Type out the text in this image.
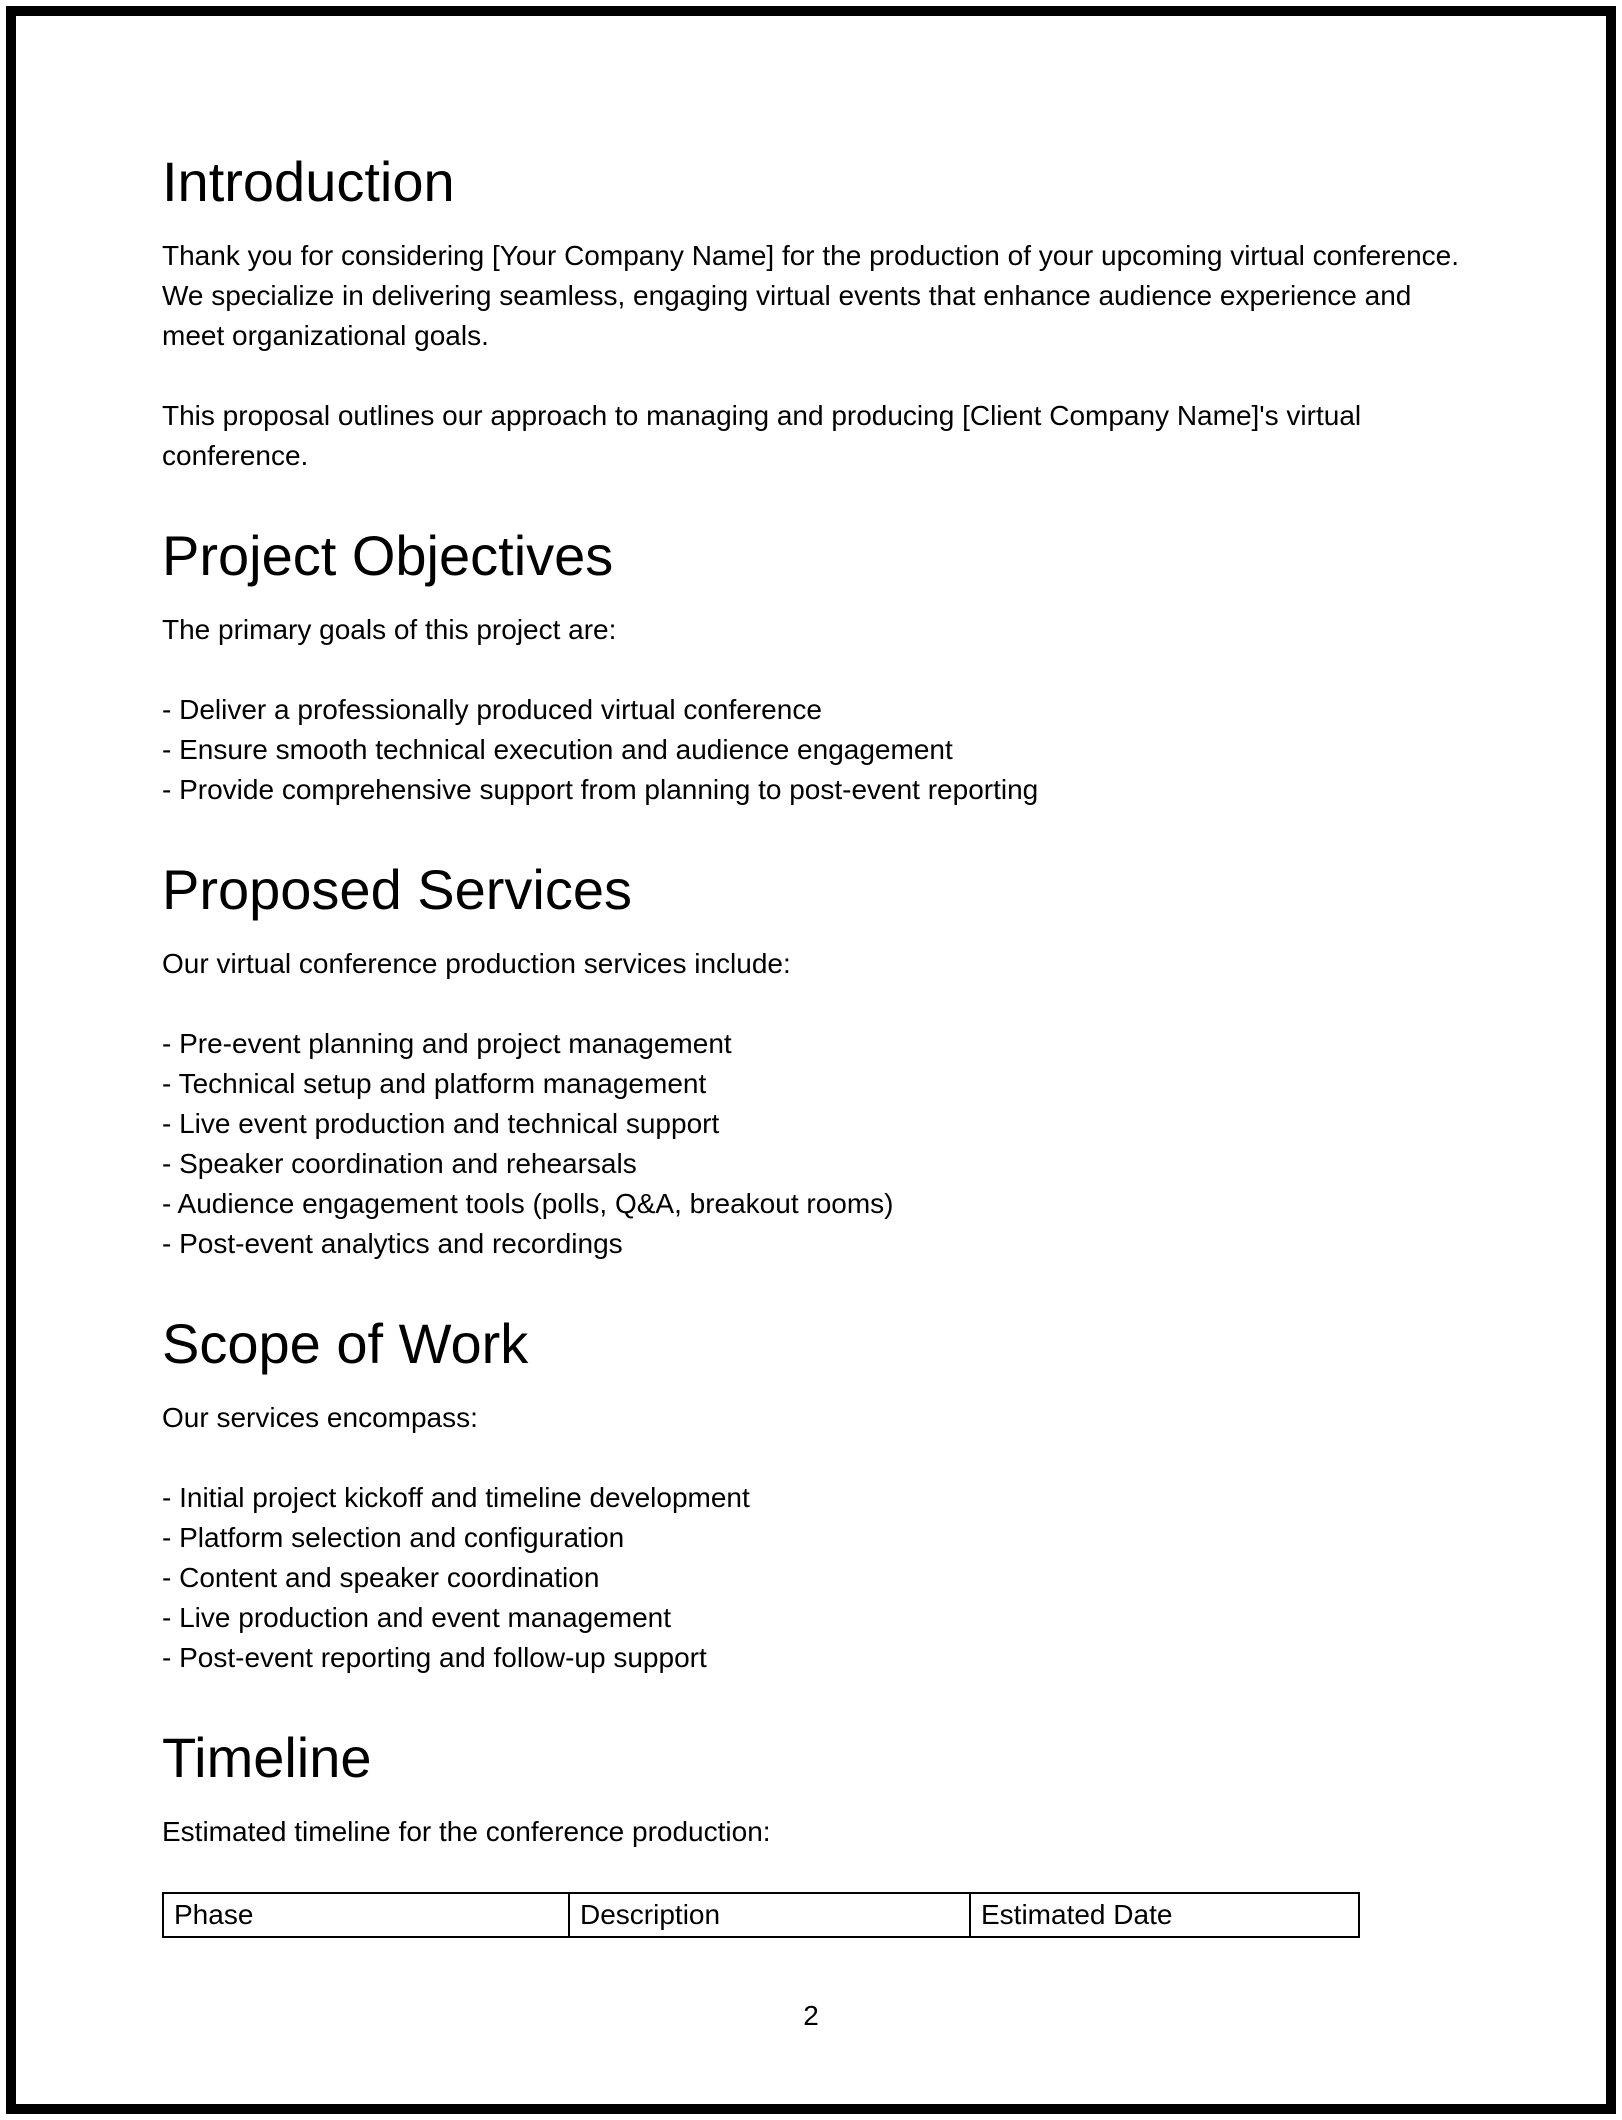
Introduction

Thank you for considering [Your Company Name] for the production of your upcoming virtual conference. We specialize in delivering seamless, engaging virtual events that enhance audience experience and meet organizational goals.

This proposal outlines our approach to managing and producing [Client Company Name]'s virtual conference.

Project Objectives

The primary goals of this project are:

- Deliver a professionally produced virtual conference
- Ensure smooth technical execution and audience engagement
- Provide comprehensive support from planning to post-event reporting
Proposed Services

Our virtual conference production services include:

- Pre-event planning and project management
- Technical setup and platform management
- Live event production and technical support
- Speaker coordination and rehearsals
- Audience engagement tools (polls, Q&A, breakout rooms)
- Post-event analytics and recordings
Scope of Work

Our services encompass:

- Initial project kickoff and timeline development
- Platform selection and configuration
- Content and speaker coordination
- Live production and event management
- Post-event reporting and follow-up support
Timeline

Estimated timeline for the conference production:

Phase	Description	Estimated Date
2
